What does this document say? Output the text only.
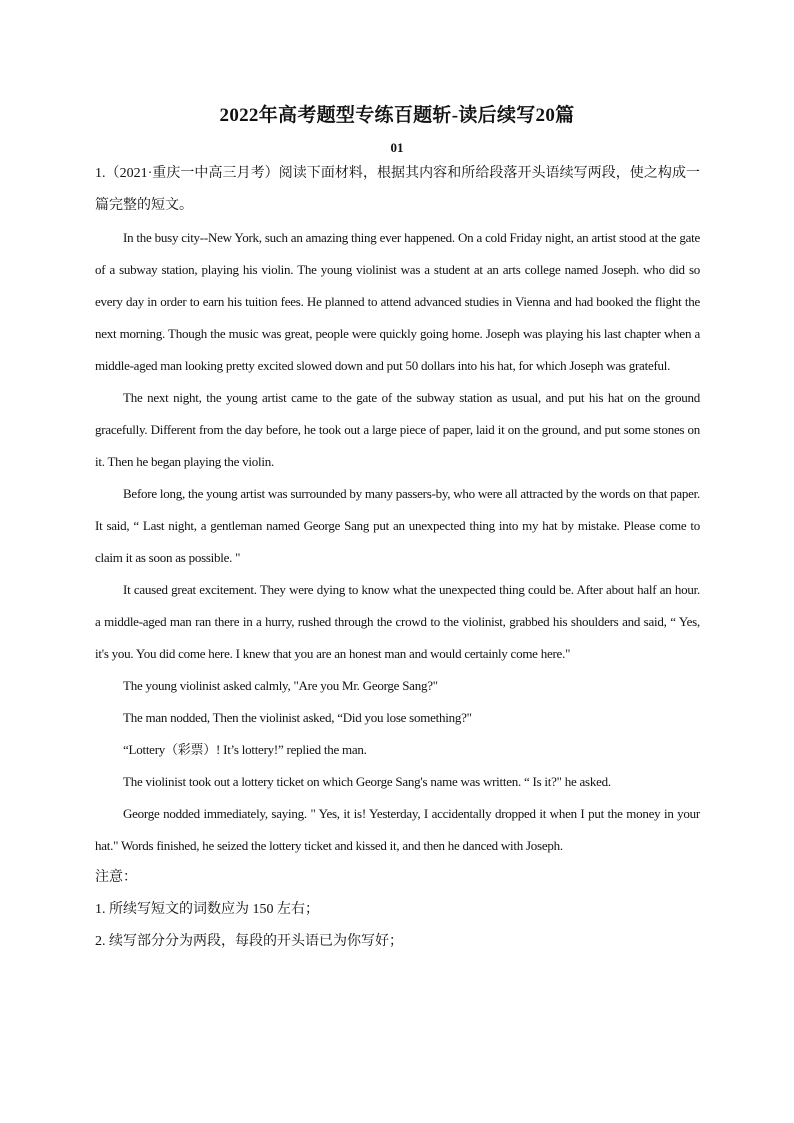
2022年高考题型专练百题斩-读后续写20篇
01

1.（2021·重庆一中高三月考）阅读下面材料，根据其内容和所给段落开头语续写两段，使之构成一篇完整的短文。

In the busy city--New York, such an amazing thing ever happened. On a cold Friday night, an artist stood at the gate of a subway station, playing his violin. The young violinist was a student at an arts college named Joseph. who did so every day in order to earn his tuition fees. He planned to attend advanced studies in Vienna and had booked the flight the next morning. Though the music was great, people were quickly going home. Joseph was playing his last chapter when a middle-aged man looking pretty excited slowed down and put 50 dollars into his hat, for which Joseph was grateful.

The next night, the young artist came to the gate of the subway station as usual, and put his hat on the ground gracefully. Different from the day before, he took out a large piece of paper, laid it on the ground, and put some stones on it. Then he began playing the violin.

Before long, the young artist was surrounded by many passers-by, who were all attracted by the words on that paper. It said, “ Last night, a gentleman named George Sang put an unexpected thing into my hat by mistake. Please come to claim it as soon as possible. "

It caused great excitement. They were dying to know what the unexpected thing could be. After about half an hour. a middle-aged man ran there in a hurry, rushed through the crowd to the violinist, grabbed his shoulders and said, “ Yes, it's you. You did come here. I knew that you are an honest man and would certainly come here."

The young violinist asked calmly, "Are you Mr. George Sang?"

The man nodded, Then the violinist asked, “Did you lose something?"

“Lottery（彩票）! It’s lottery!” replied the man.

The violinist took out a lottery ticket on which George Sang's name was written. “ Is it?" he asked.

George nodded immediately, saying. " Yes, it is! Yesterday, I accidentally dropped it when I put the money in your hat." Words finished, he seized the lottery ticket and kissed it, and then he danced with Joseph.

注意：

1. 所续写短文的词数应为 150 左右；

2. 续写部分分为两段，每段的开头语已为你写好；
